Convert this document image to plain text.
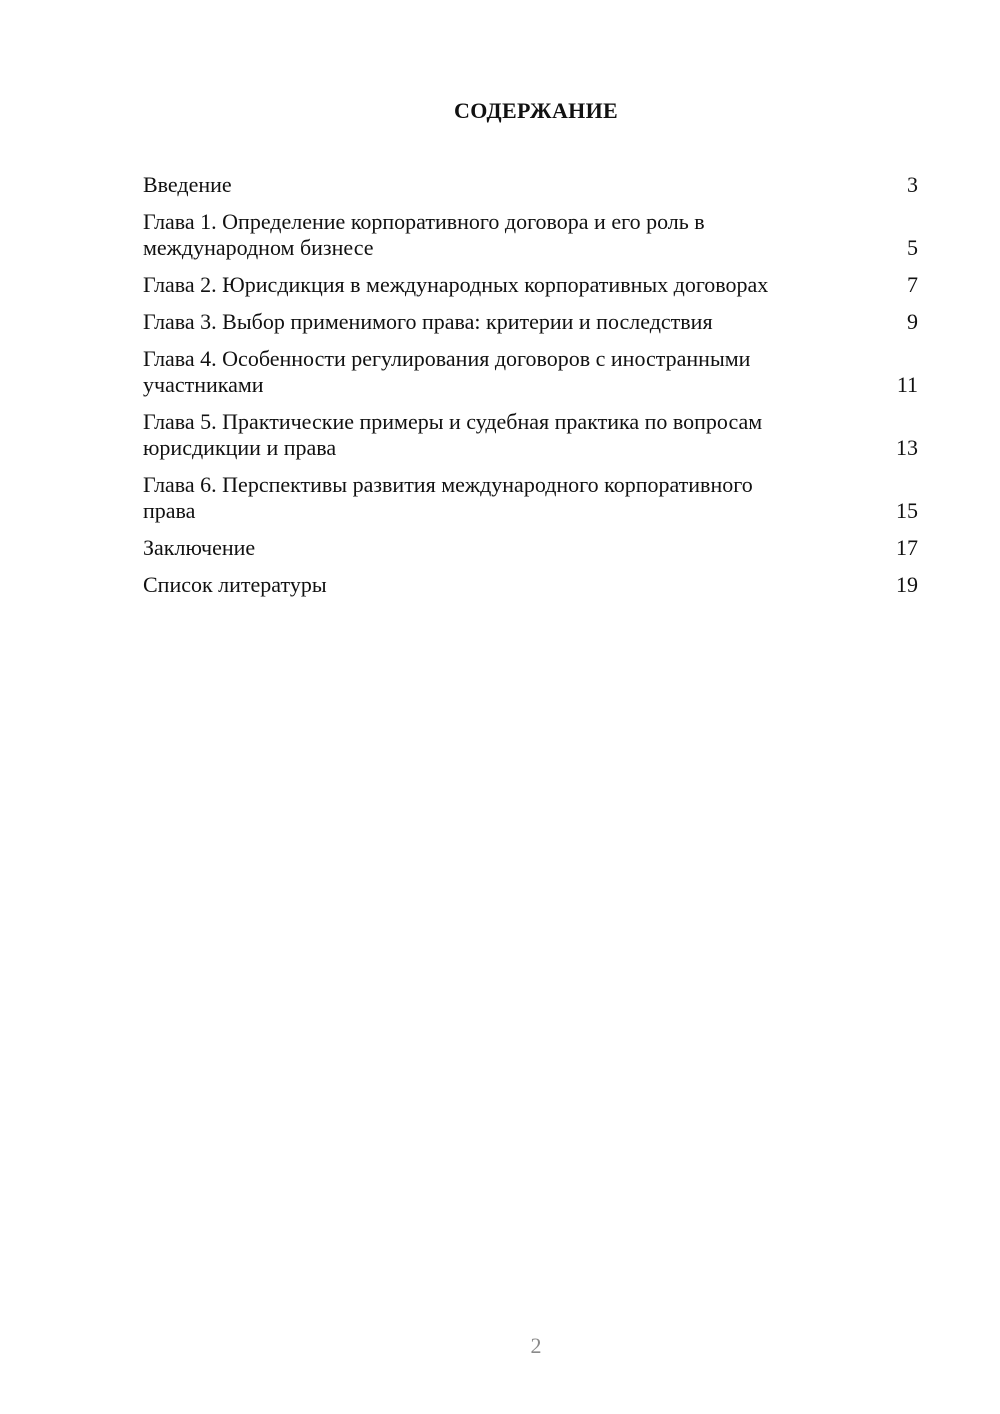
СОДЕРЖАНИЕ
Введение	3
Глава 1. Определение корпоративного договора и его роль в международном бизнесе	5
Глава 2. Юрисдикция в международных корпоративных договорах	7
Глава 3. Выбор применимого права: критерии и последствия	9
Глава 4. Особенности регулирования договоров с иностранными участниками	11
Глава 5. Практические примеры и судебная практика по вопросам юрисдикции и права	13
Глава 6. Перспективы развития международного корпоративного права	15
Заключение	17
Список литературы	19
2
